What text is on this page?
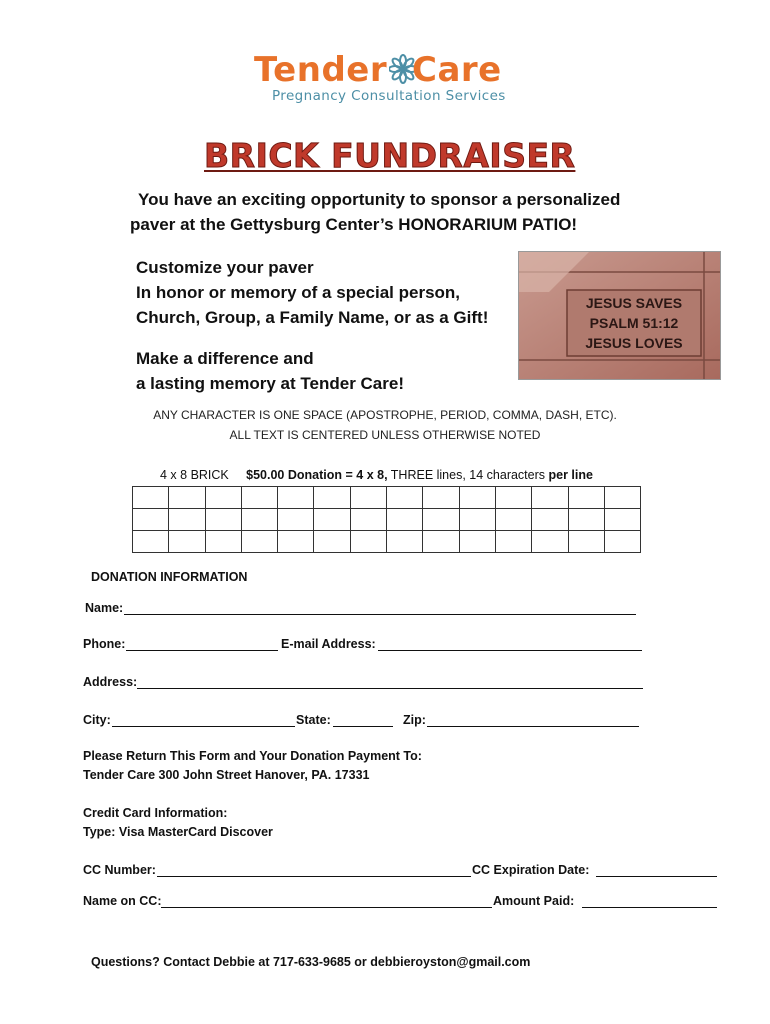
Tender Care
Pregnancy Consultation Services
BRICK FUNDRAISER
You have an exciting opportunity to sponsor a personalized
paver at the Gettysburg Center’s HONORARIUM PATIO!
Customize your paver
In honor or memory of a special person,
Church, Group, a Family Name, or as a Gift!
Make a difference and
a lasting memory at Tender Care!
JESUS SAVES
PSALM 51:12
JESUS LOVES
ANY CHARACTER IS ONE SPACE (APOSTROPHE, PERIOD, COMMA, DASH, ETC).
ALL TEXT IS CENTERED UNLESS OTHERWISE NOTED
4 x 8 BRICK $50.00 Donation = 4 x 8, THREE lines, 14 characters per line

DONATION INFORMATION
Name:
Phone:	E-mail Address:
Address:
City:	State:	Zip:
Please Return This Form and Your Donation Payment To:
Tender Care 300 John Street Hanover, PA. 17331
Credit Card Information:
Type: Visa MasterCard Discover
CC Number:	CC Expiration Date:
Name on CC:	Amount Paid:
Questions? Contact Debbie at 717-633-9685 or debbieroyston@gmail.com
